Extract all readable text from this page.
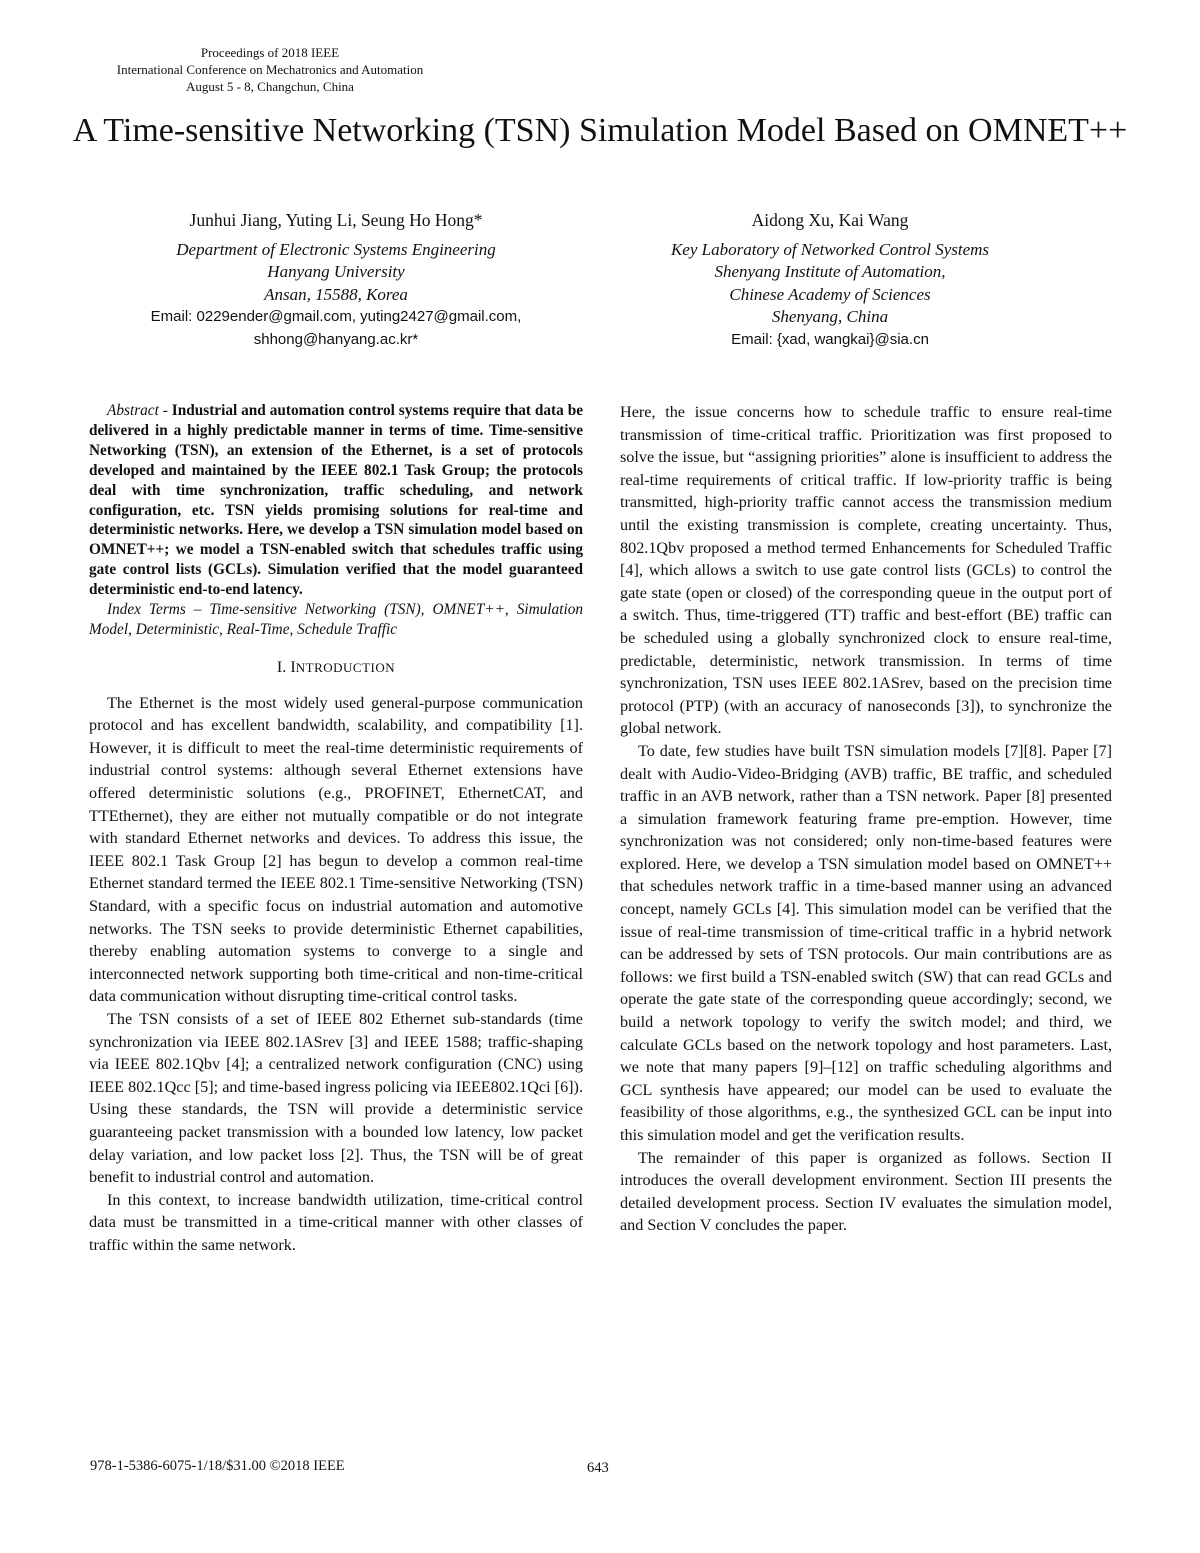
Proceedings of 2018 IEEE
International Conference on Mechatronics and Automation
August 5 - 8, Changchun, China
A Time-sensitive Networking (TSN) Simulation Model Based on OMNET++
Junhui Jiang, Yuting Li, Seung Ho Hong*
Department of Electronic Systems Engineering
Hanyang University
Ansan, 15588, Korea
Email: 0229ender@gmail.com, yuting2427@gmail.com,
shhong@hanyang.ac.kr*
Aidong Xu, Kai Wang
Key Laboratory of Networked Control Systems
Shenyang Institute of Automation,
Chinese Academy of Sciences
Shenyang, China
Email: {xad, wangkai}@sia.cn

Abstract - Industrial and automation control systems require that data be delivered in a highly predictable manner in terms of time. Time-sensitive Networking (TSN), an extension of the Ethernet, is a set of protocols developed and maintained by the IEEE 802.1 Task Group; the protocols deal with time synchronization, traffic scheduling, and network configuration, etc. TSN yields promising solutions for real-time and deterministic networks. Here, we develop a TSN simulation model based on OMNET++; we model a TSN-enabled switch that schedules traffic using gate control lists (GCLs). Simulation verified that the model guaranteed deterministic end-to-end latency.

Index Terms – Time-sensitive Networking (TSN), OMNET++, Simulation Model, Deterministic, Real-Time, Schedule Traffic

I. INTRODUCTION

The Ethernet is the most widely used general-purpose communication protocol and has excellent bandwidth, scalability, and compatibility [1]. However, it is difficult to meet the real-time deterministic requirements of industrial control systems: although several Ethernet extensions have offered deterministic solutions (e.g., PROFINET, EthernetCAT, and TTEthernet), they are either not mutually compatible or do not integrate with standard Ethernet networks and devices. To address this issue, the IEEE 802.1 Task Group [2] has begun to develop a common real-time Ethernet standard termed the IEEE 802.1 Time-sensitive Networking (TSN) Standard, with a specific focus on industrial automation and automotive networks. The TSN seeks to provide deterministic Ethernet capabilities, thereby enabling automation systems to converge to a single and interconnected network supporting both time-critical and non-time-critical data communication without disrupting time-critical control tasks.

The TSN consists of a set of IEEE 802 Ethernet sub-standards (time synchronization via IEEE 802.1ASrev [3] and IEEE 1588; traffic-shaping via IEEE 802.1Qbv [4]; a centralized network configuration (CNC) using IEEE 802.1Qcc [5]; and time-based ingress policing via IEEE802.1Qci [6]). Using these standards, the TSN will provide a deterministic service guaranteeing packet transmission with a bounded low latency, low packet delay variation, and low packet loss [2]. Thus, the TSN will be of great benefit to industrial control and automation.

In this context, to increase bandwidth utilization, time-critical control data must be transmitted in a time-critical manner with other classes of traffic within the same network.

Here, the issue concerns how to schedule traffic to ensure real-time transmission of time-critical traffic. Prioritization was first proposed to solve the issue, but “assigning priorities” alone is insufficient to address the real-time requirements of critical traffic. If low-priority traffic is being transmitted, high-priority traffic cannot access the transmission medium until the existing transmission is complete, creating uncertainty. Thus, 802.1Qbv proposed a method termed Enhancements for Scheduled Traffic [4], which allows a switch to use gate control lists (GCLs) to control the gate state (open or closed) of the corresponding queue in the output port of a switch. Thus, time-triggered (TT) traffic and best-effort (BE) traffic can be scheduled using a globally synchronized clock to ensure real-time, predictable, deterministic, network transmission. In terms of time synchronization, TSN uses IEEE 802.1ASrev, based on the precision time protocol (PTP) (with an accuracy of nanoseconds [3]), to synchronize the global network.

To date, few studies have built TSN simulation models [7][8]. Paper [7] dealt with Audio-Video-Bridging (AVB) traffic, BE traffic, and scheduled traffic in an AVB network, rather than a TSN network. Paper [8] presented a simulation framework featuring frame pre-emption. However, time synchronization was not considered; only non-time-based features were explored. Here, we develop a TSN simulation model based on OMNET++ that schedules network traffic in a time-based manner using an advanced concept, namely GCLs [4]. This simulation model can be verified that the issue of real-time transmission of time-critical traffic in a hybrid network can be addressed by sets of TSN protocols. Our main contributions are as follows: we first build a TSN-enabled switch (SW) that can read GCLs and operate the gate state of the corresponding queue accordingly; second, we build a network topology to verify the switch model; and third, we calculate GCLs based on the network topology and host parameters. Last, we note that many papers [9]–[12] on traffic scheduling algorithms and GCL synthesis have appeared; our model can be used to evaluate the feasibility of those algorithms, e.g., the synthesized GCL can be input into this simulation model and get the verification results.

The remainder of this paper is organized as follows. Section II introduces the overall development environment. Section III presents the detailed development process. Section IV evaluates the simulation model, and Section V concludes the paper.

978-1-5386-6075-1/18/$31.00 ©2018 IEEE	643
